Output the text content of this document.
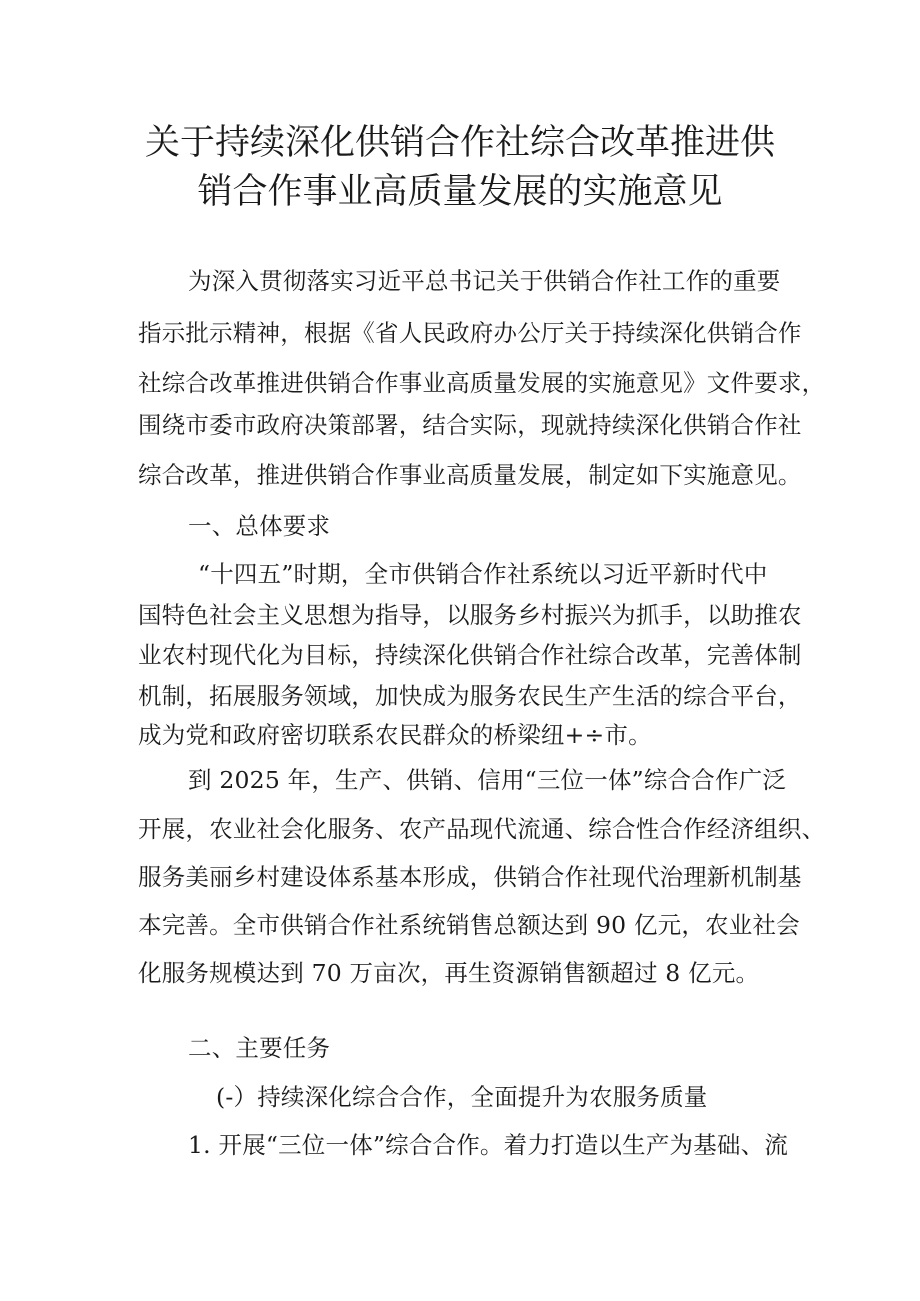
关于持续深化供销合作社综合改革推进供
销合作事业高质量发展的实施意见
为深入贯彻落实习近平总书记关于供销合作社工作的重要
指示批示精神，根据《省人民政府办公厅关于持续深化供销合作
社综合改革推进供销合作事业高质量发展的实施意见》文件要求，
围绕市委市政府决策部署，结合实际，现就持续深化供销合作社
综合改革，推进供销合作事业高质量发展，制定如下实施意见。
一、总体要求
“十四五”时期，全市供销合作社系统以习近平新时代中
国特色社会主义思想为指导，以服务乡村振兴为抓手，以助推农
业农村现代化为目标，持续深化供销合作社综合改革，完善体制
机制，拓展服务领域，加快成为服务农民生产生活的综合平台，
成为党和政府密切联系农民群众的桥梁纽+÷市。
到 2025 年，生产、供销、信用“三位一体”综合合作广泛
开展，农业社会化服务、农产品现代流通、综合性合作经济组织、
服务美丽乡村建设体系基本形成，供销合作社现代治理新机制基
本完善。全市供销合作社系统销售总额达到 90 亿元，农业社会
化服务规模达到 70 万亩次，再生资源销售额超过 8 亿元。
二、主要任务
(-）持续深化综合合作，全面提升为农服务质量
1. 开展“三位一体”综合合作。着力打造以生产为基础、流
